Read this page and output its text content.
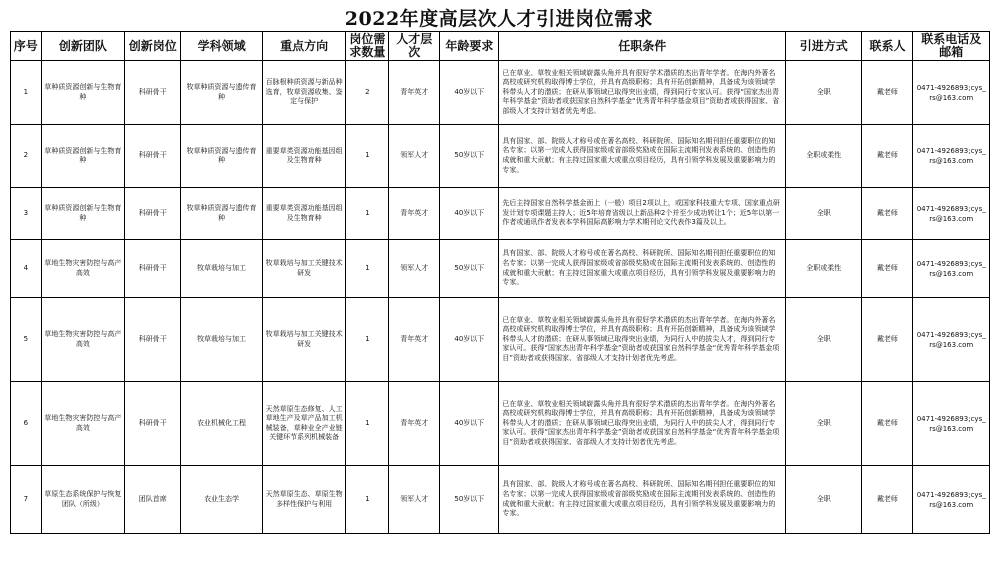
2022年度高层次人才引进岗位需求
序号	创新团队	创新岗位	学科领域	重点方向	岗位需求数量	人才层次	年龄要求	任职条件	引进方式	联系人	联系电话及邮箱
1	草种质资源创新与生物育种	科研骨干	牧草种质资源与遗传育种	百脉根种质资源与新品种选育，牧草资源收集、鉴定与保护	2	青年英才	40岁以下	已在草业、草牧业相关领域崭露头角并具有很好学术潜质的杰出青年学者。在海内外著名高校或研究机构取得博士学位，并具有高级职称；具有开拓创新精神，具备成为该领域学科带头人才的潜质；在研从事领域已取得突出业绩，得到同行专家认可。获得“国家杰出青年科学基金”资助者或获国家自然科学基金“优秀青年科学基金项目”资助者或获得国家、省部级人才支持计划者优先考虑。	全职	戴老师	0471-4926893;cys_rs@163.com
2	草种质资源创新与生物育种	科研骨干	牧草种质资源与遗传育种	重要草类资源功能基因组及生物育种	1	领军人才	50岁以下	具有国家、部、院级人才称号或在著名高校、科研院所、国际知名期刊担任重要职位的知名专家；以第一完成人获得国家级或省部级奖励或在国际主流期刊发表系统的、创造性的成就和重大贡献；有主持过国家重大或重点项目经历，具有引领学科发展及重要影响力的专家。	全职或柔性	戴老师	0471-4926893;cys_rs@163.com
3	草种质资源创新与生物育种	科研骨干	牧草种质资源与遗传育种	重要草类资源功能基因组及生物育种	1	青年英才	40岁以下	先后主持国家自然科学基金面上（一般）项目2项以上，或国家科技重大专项、国家重点研发计划专项课题主持人；近5年培育省级以上新品种2个并至少成功转让1个；近5年以第一作者或通讯作者发表本学科国际高影响力学术期刊论文代表作3篇及以上。	全职	戴老师	0471-4926893;cys_rs@163.com
4	草地生物灾害防控与高产高效	科研骨干	牧草栽培与加工	牧草栽培与加工关键技术研发	1	领军人才	50岁以下	具有国家、部、院级人才称号或在著名高校、科研院所、国际知名期刊担任重要职位的知名专家；以第一完成人获得国家级或省部级奖励或在国际主流期刊发表系统的、创造性的成就和重大贡献；有主持过国家重大或重点项目经历，具有引领学科发展及重要影响力的专家。	全职或柔性	戴老师	0471-4926893;cys_rs@163.com
5	草地生物灾害防控与高产高效	科研骨干	牧草栽培与加工	牧草栽培与加工关键技术研发	1	青年英才	40岁以下	已在草业、草牧业相关领域崭露头角并具有很好学术潜质的杰出青年学者。在海内外著名高校或研究机构取得博士学位，并具有高级职称；具有开拓创新精神，具备成为该领域学科带头人才的潜质；在研从事领域已取得突出业绩，为同行人中的拔尖人才，得到同行专家认可。获得“国家杰出青年科学基金”资助者或获国家自然科学基金“优秀青年科学基金项目”资助者或获得国家、省部级人才支持计划者优先考虑。	全职	戴老师	0471-4926893;cys_rs@163.com
6	草地生物灾害防控与高产高效	科研骨干	农业机械化工程	天然草原生态修复、人工草地生产及草产品加工机械装备，草种业全产业链关键环节系列机械装备	1	青年英才	40岁以下	已在草业、草牧业相关领域崭露头角并具有很好学术潜质的杰出青年学者。在海内外著名高校或研究机构取得博士学位，并具有高级职称；具有开拓创新精神，具备成为该领域学科带头人才的潜质；在研从事领域已取得突出业绩，为同行人中的拔尖人才，得到同行专家认可。获得“国家杰出青年科学基金”资助者或获国家自然科学基金“优秀青年科学基金项目”资助者或获得国家、省部级人才支持计划者优先考虑。	全职	戴老师	0471-4926893;cys_rs@163.com
7	草原生态系统保护与恢复团队（所级）	团队首席	农业生态学	天然草原生态、草原生物多样性保护与利用	1	领军人才	50岁以下	具有国家、部、院级人才称号或在著名高校、科研院所、国际知名期刊担任重要职位的知名专家；以第一完成人获得国家级或省部级奖励或在国际主流期刊发表系统的、创造性的成就和重大贡献；有主持过国家重大或重点项目经历，具有引领学科发展及重要影响力的专家。	全职	戴老师	0471-4926893;cys_rs@163.com
